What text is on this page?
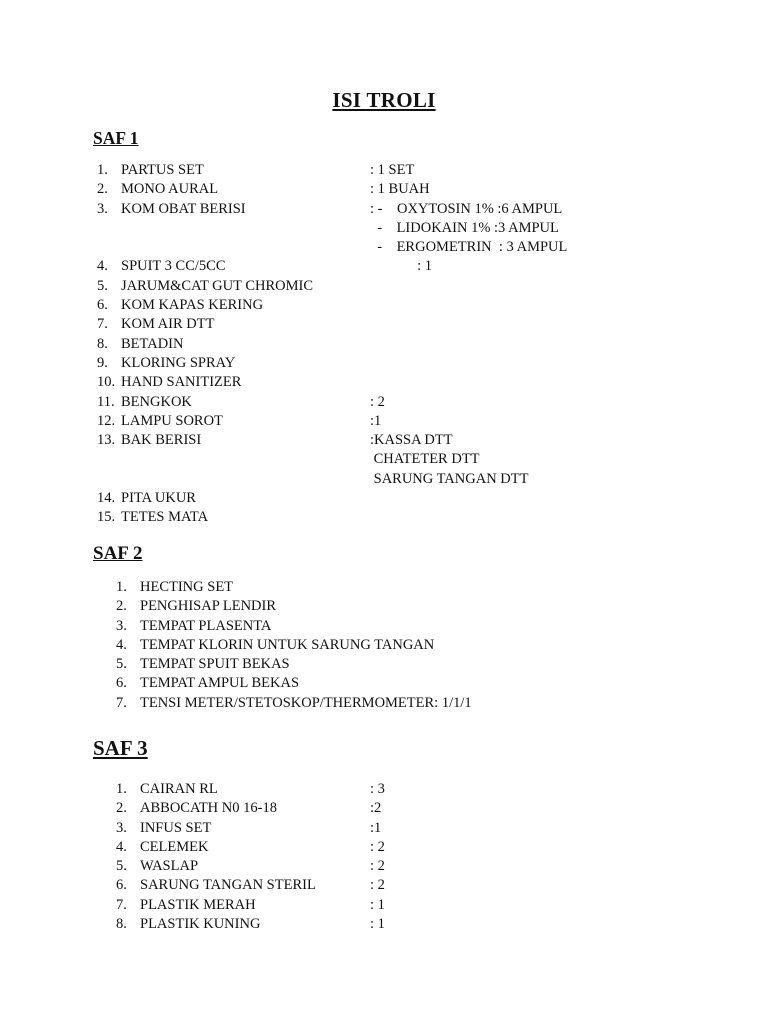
ISI TROLI
SAF 1
1. PARTUS SET	: 1 SET
2. MONO AURAL	: 1 BUAH
3. KOM OBAT BERISI	: -    OXYTOSIN 1% :6 AMPUL
-    LIDOKAIN 1% :3 AMPUL
-    ERGOMETRIN  : 3 AMPUL
4. SPUIT 3 CC/5CC	: 1
5. JARUM&CAT GUT CHROMIC
6. KOM KAPAS KERING
7. KOM AIR DTT
8. BETADIN
9. KLORING SPRAY
10. HAND SANITIZER
11. BENGKOK	: 2
12. LAMPU SOROT	:1
13. BAK BERISI	:KASSA DTT
CHATETER DTT
SARUNG TANGAN DTT
14. PITA UKUR
15. TETES MATA
SAF 2
1. HECTING SET
2. PENGHISAP LENDIR
3. TEMPAT PLASENTA
4. TEMPAT KLORIN UNTUK SARUNG TANGAN
5. TEMPAT SPUIT BEKAS
6. TEMPAT AMPUL BEKAS
7. TENSI METER/STETOSKOP/THERMOMETER: 1/1/1
SAF 3
1. CAIRAN RL	: 3
2. ABBOCATH N0 16-18	:2
3. INFUS SET	:1
4. CELEMEK	: 2
5. WASLAP	: 2
6. SARUNG TANGAN STERIL	: 2
7. PLASTIK MERAH	: 1
8. PLASTIK KUNING	: 1
